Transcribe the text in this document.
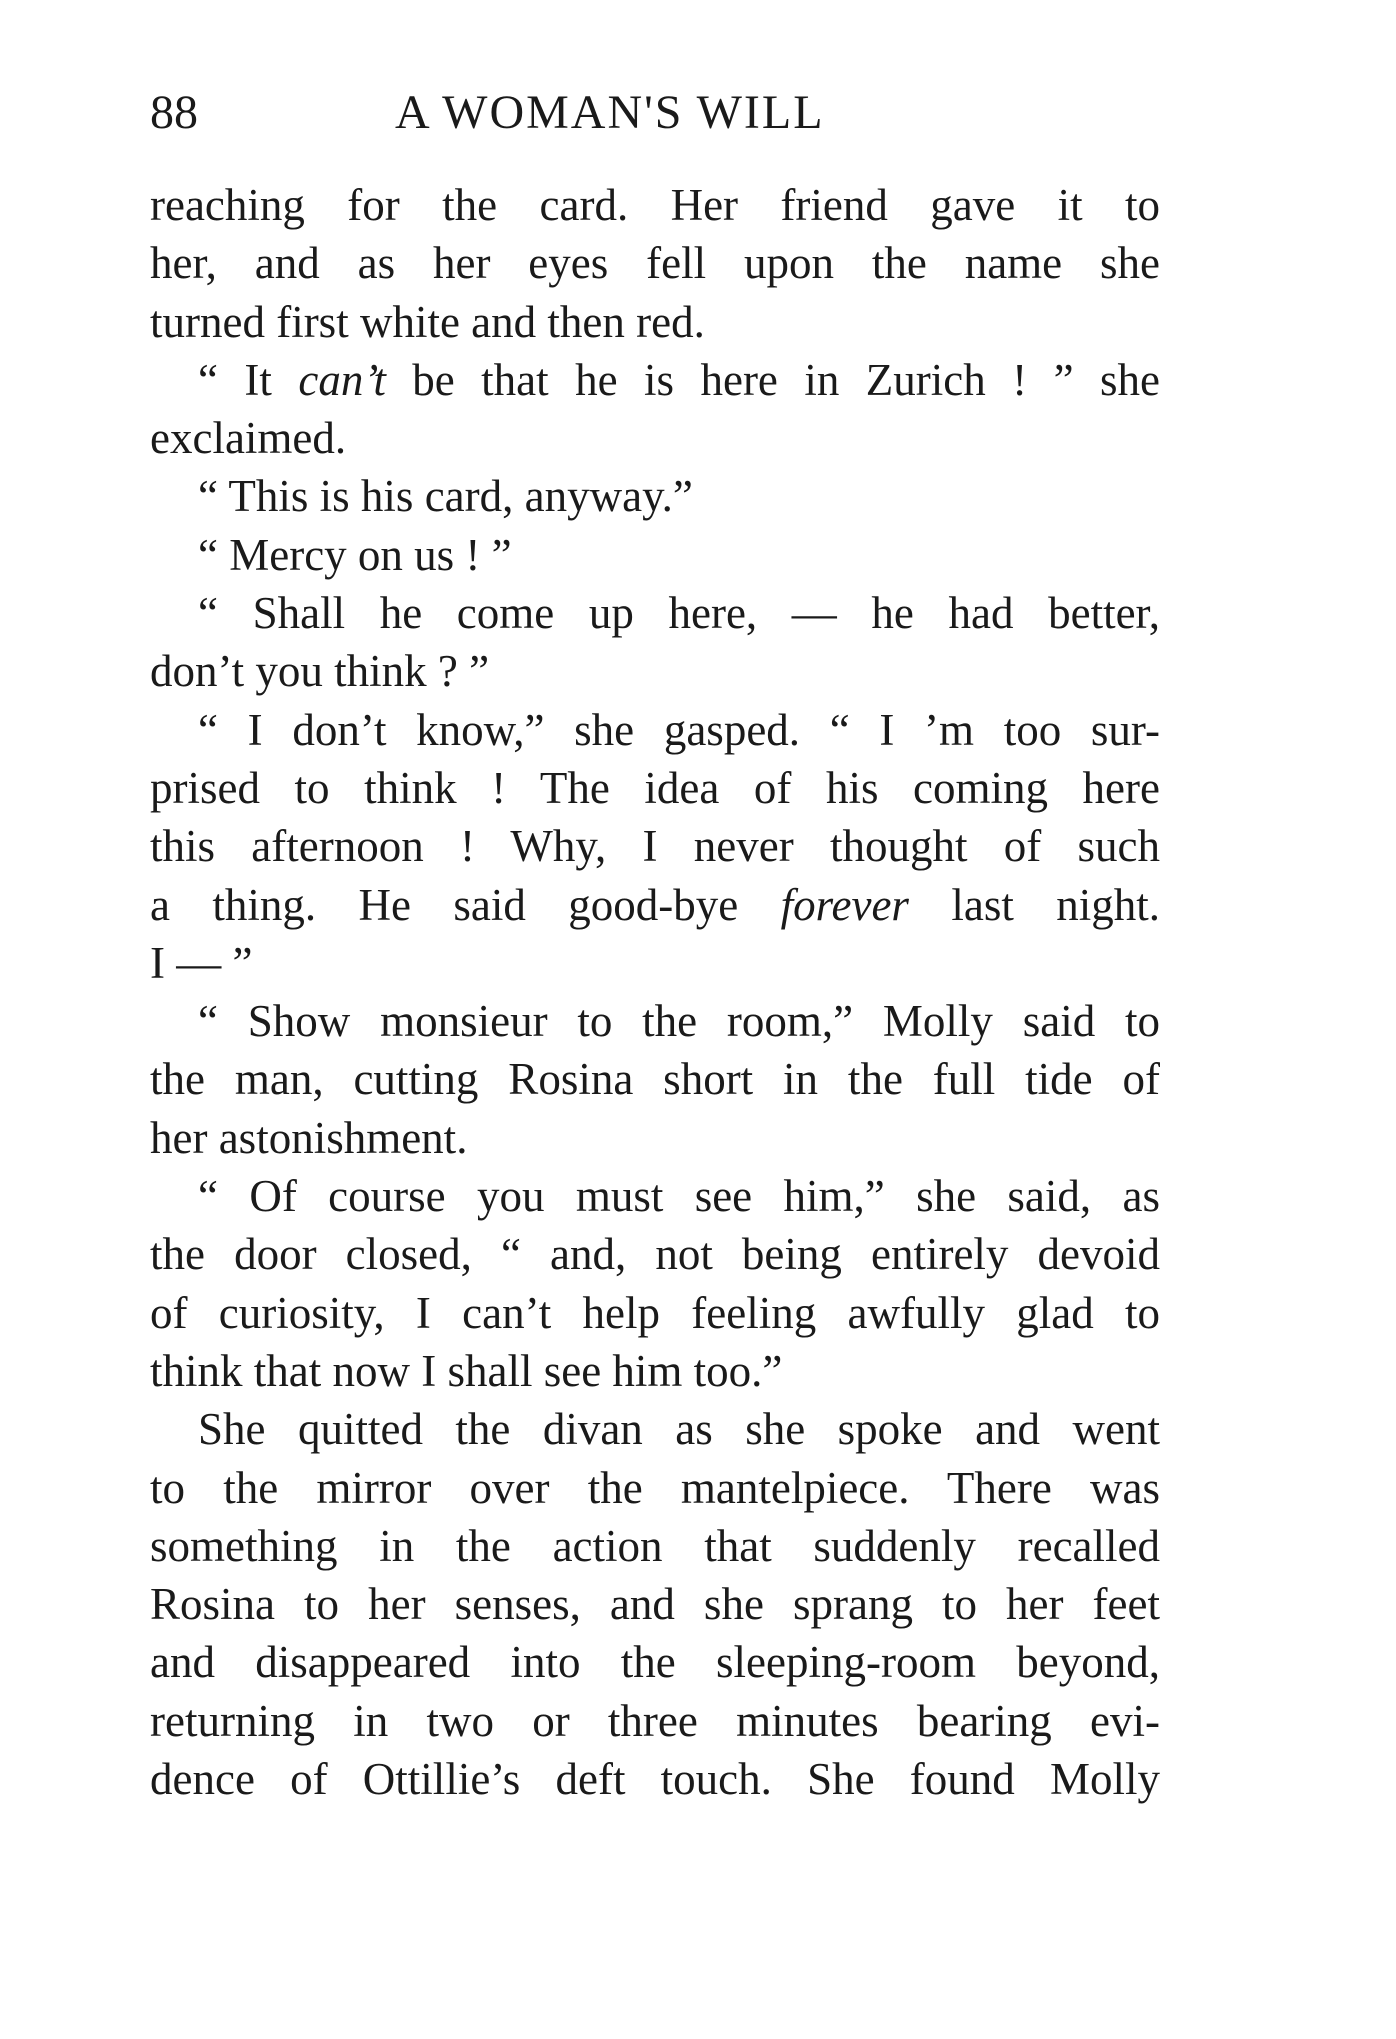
88	A WOMAN'S WILL
reaching for the card. Her friend gave it to
her, and as her eyes fell upon the name she
turned first white and then red.
“ It can’t be that he is here in Zurich ! ” she
exclaimed.
“ This is his card, anyway.”
“ Mercy on us ! ”
“ Shall he come up here, — he had better,
don’t you think ? ”
“ I don’t know,” she gasped. “ I ’m too sur-
prised to think ! The idea of his coming here
this afternoon ! Why, I never thought of such
a thing. He said good-bye forever last night.
I — ”
“ Show monsieur to the room,” Molly said to
the man, cutting Rosina short in the full tide of
her astonishment.
“ Of course you must see him,” she said, as
the door closed, “ and, not being entirely devoid
of curiosity, I can’t help feeling awfully glad to
think that now I shall see him too.”
She quitted the divan as she spoke and went
to the mirror over the mantelpiece. There was
something in the action that suddenly recalled
Rosina to her senses, and she sprang to her feet
and disappeared into the sleeping-room beyond,
returning in two or three minutes bearing evi-
dence of Ottillie’s deft touch. She found Molly
